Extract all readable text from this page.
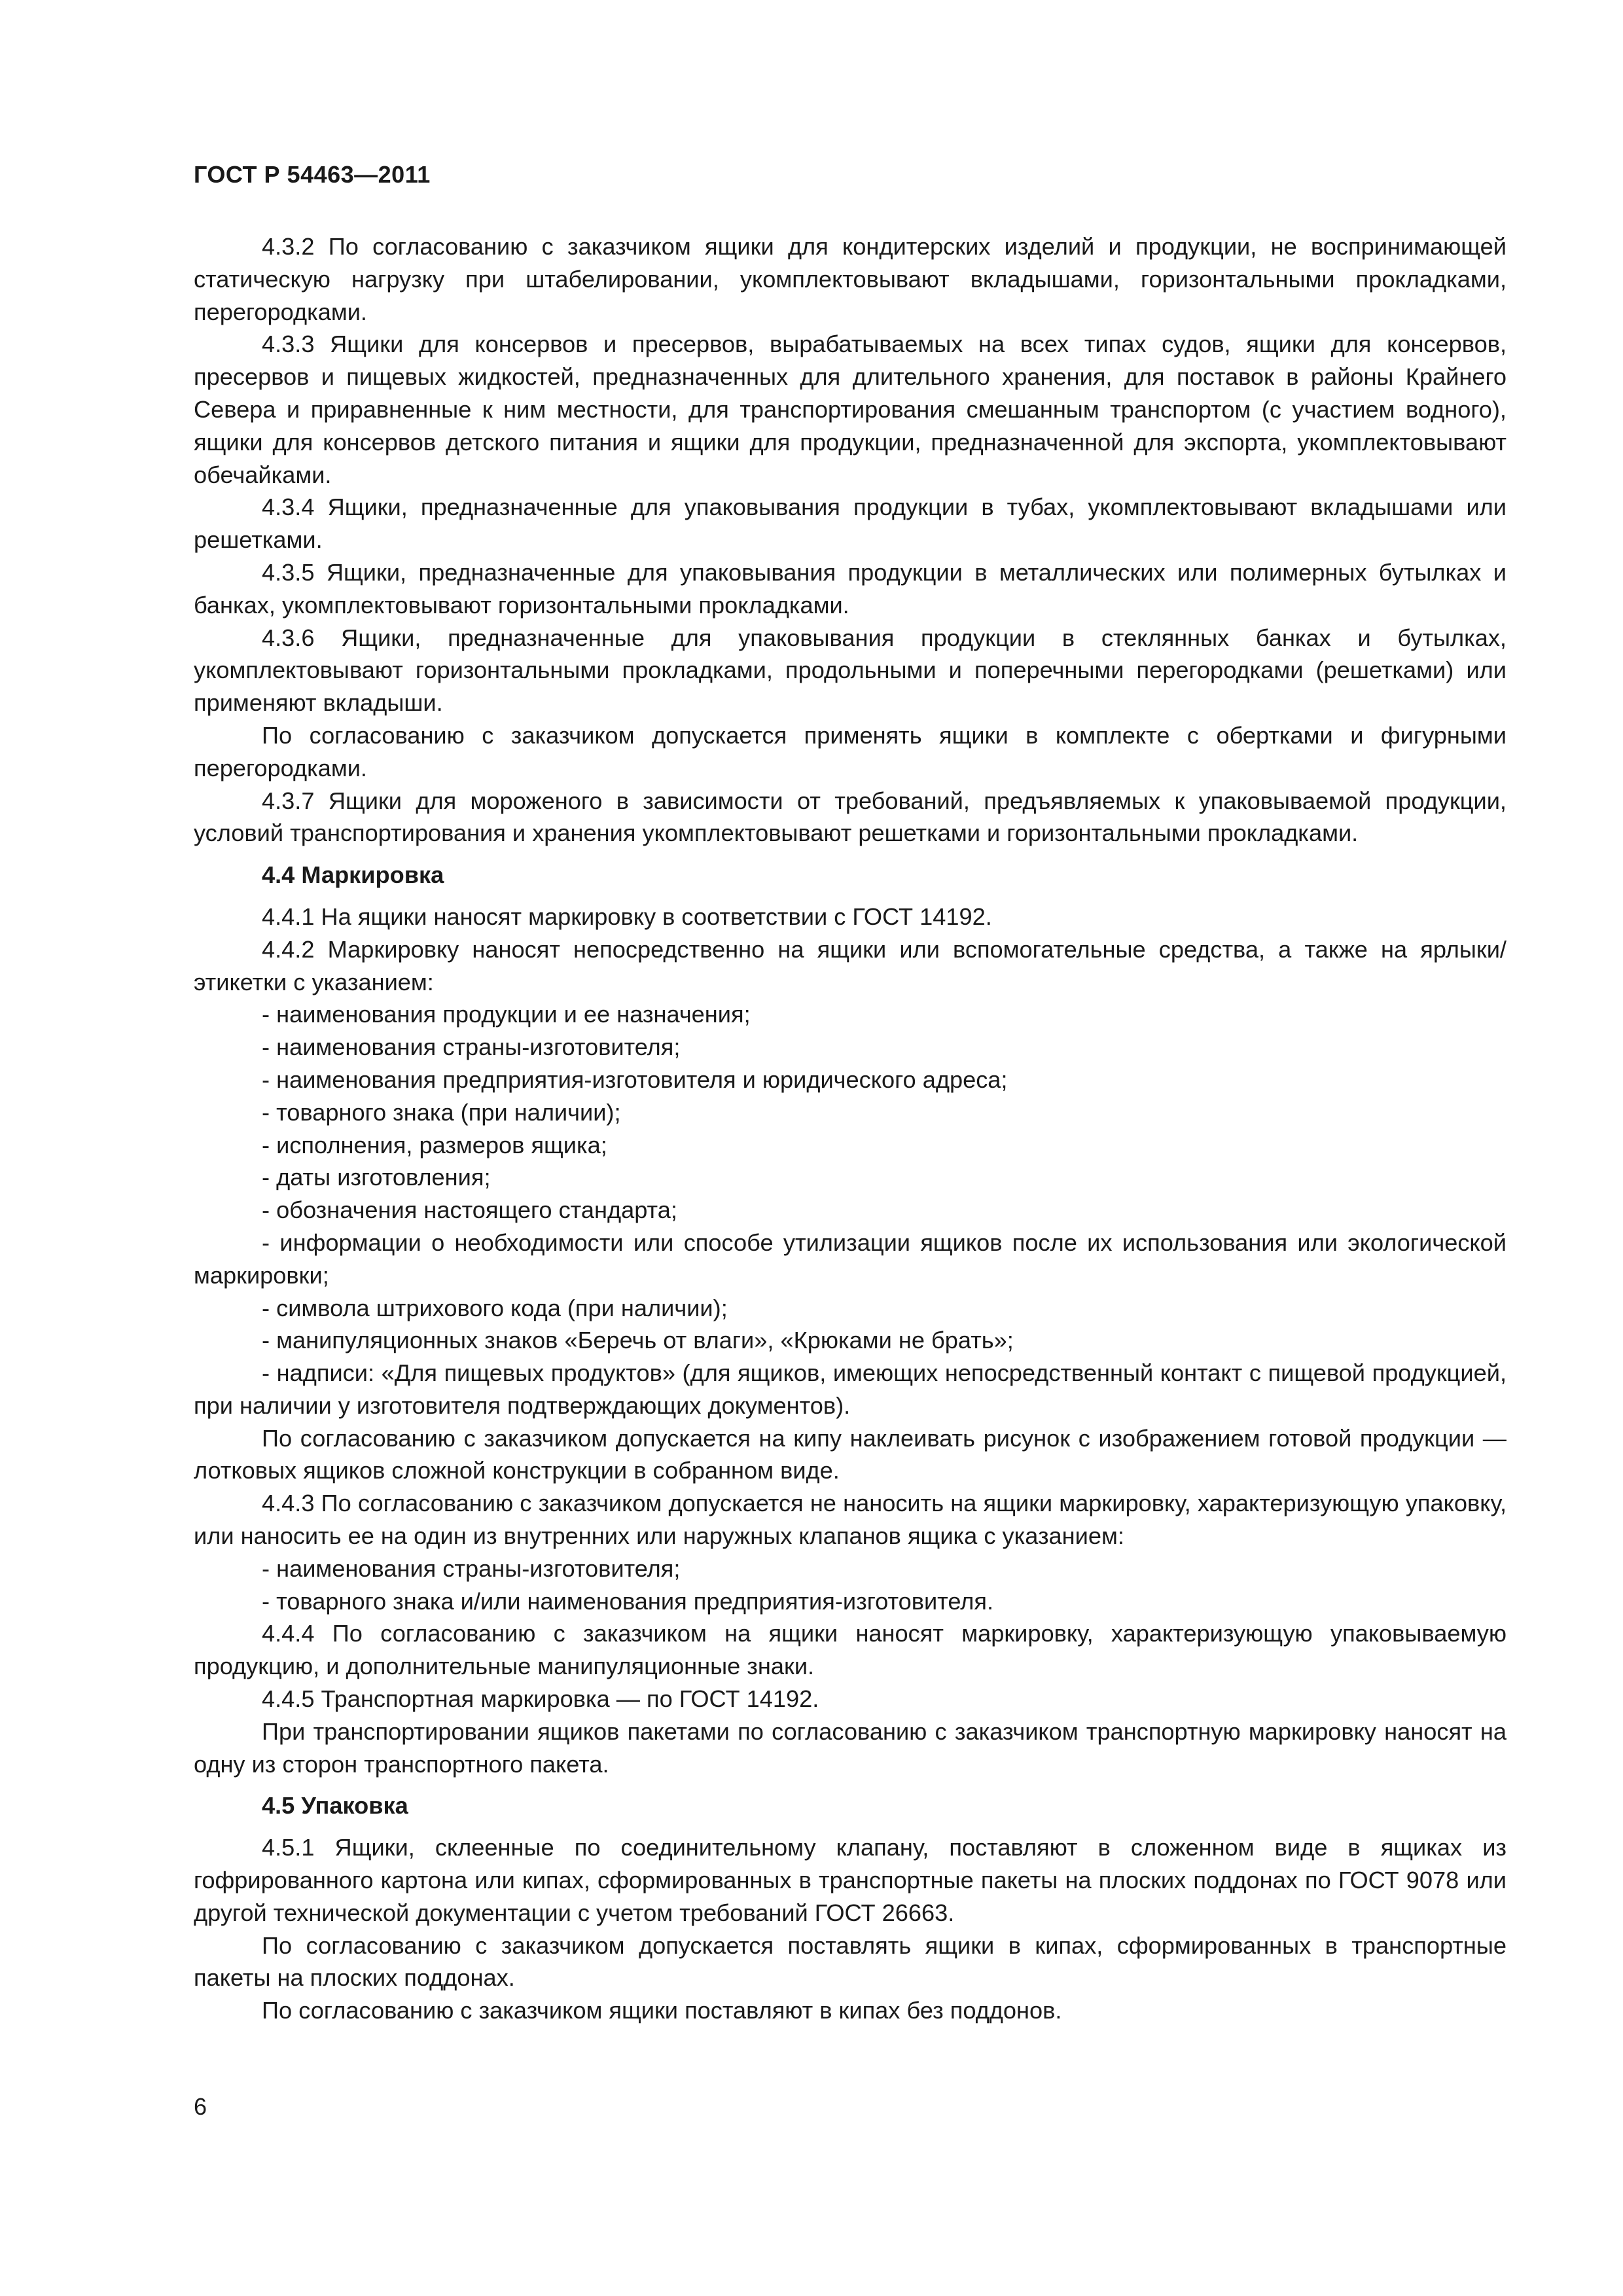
ГОСТ Р 54463—2011

4.3.2 По согласованию с заказчиком ящики для кондитерских изделий и продукции, не воспринимающей статическую нагрузку при штабелировании, укомплектовывают вкладышами, горизонтальными прокладками, перегородками.

4.3.3 Ящики для консервов и пресервов, вырабатываемых на всех типах судов, ящики для консервов, пресервов и пищевых жидкостей, предназначенных для длительного хранения, для поставок в районы Крайнего Севера и приравненные к ним местности, для транспортирования смешанным транспортом (с участием водного), ящики для консервов детского питания и ящики для продукции, предназначенной для экспорта, укомплектовывают обечайками.

4.3.4 Ящики, предназначенные для упаковывания продукции в тубах, укомплектовывают вкладышами или решетками.

4.3.5 Ящики, предназначенные для упаковывания продукции в металлических или полимерных бутылках и банках, укомплектовывают горизонтальными прокладками.

4.3.6 Ящики, предназначенные для упаковывания продукции в стеклянных банках и бутылках, укомплектовывают горизонтальными прокладками, продольными и поперечными перегородками (решетками) или применяют вкладыши.

По согласованию с заказчиком допускается применять ящики в комплекте с обертками и фигурными перегородками.

4.3.7 Ящики для мороженого в зависимости от требований, предъявляемых к упаковываемой продукции, условий транспортирования и хранения укомплектовывают решетками и горизонтальными прокладками.

4.4 Маркировка

4.4.1 На ящики наносят маркировку в соответствии с ГОСТ 14192.

4.4.2 Маркировку наносят непосредственно на ящики или вспомогательные средства, а также на ярлыки/этикетки с указанием:

- наименования продукции и ее назначения;

- наименования страны-изготовителя;

- наименования предприятия-изготовителя и юридического адреса;

- товарного знака (при наличии);

- исполнения, размеров ящика;

- даты изготовления;

- обозначения настоящего стандарта;

- информации о необходимости или способе утилизации ящиков после их использования или экологической маркировки;

- символа штрихового кода (при наличии);

- манипуляционных знаков «Беречь от влаги», «Крюками не брать»;

- надписи: «Для пищевых продуктов» (для ящиков, имеющих непосредственный контакт с пищевой продукцией, при наличии у изготовителя подтверждающих документов).

По согласованию с заказчиком допускается на кипу наклеивать рисунок с изображением готовой продукции — лотковых ящиков сложной конструкции в собранном виде.

4.4.3 По согласованию с заказчиком допускается не наносить на ящики маркировку, характеризующую упаковку, или наносить ее на один из внутренних или наружных клапанов ящика с указанием:

- наименования страны-изготовителя;

- товарного знака и/или наименования предприятия-изготовителя.

4.4.4 По согласованию с заказчиком на ящики наносят маркировку, характеризующую упаковываемую продукцию, и дополнительные манипуляционные знаки.

4.4.5 Транспортная маркировка — по ГОСТ 14192.

При транспортировании ящиков пакетами по согласованию с заказчиком транспортную маркировку наносят на одну из сторон транспортного пакета.

4.5 Упаковка

4.5.1 Ящики, склеенные по соединительному клапану, поставляют в сложенном виде в ящиках из гофрированного картона или кипах, сформированных в транспортные пакеты на плоских поддонах по ГОСТ 9078 или другой технической документации с учетом требований ГОСТ 26663.

По согласованию с заказчиком допускается поставлять ящики в кипах, сформированных в транспортные пакеты на плоских поддонах.

По согласованию с заказчиком ящики поставляют в кипах без поддонов.

6
